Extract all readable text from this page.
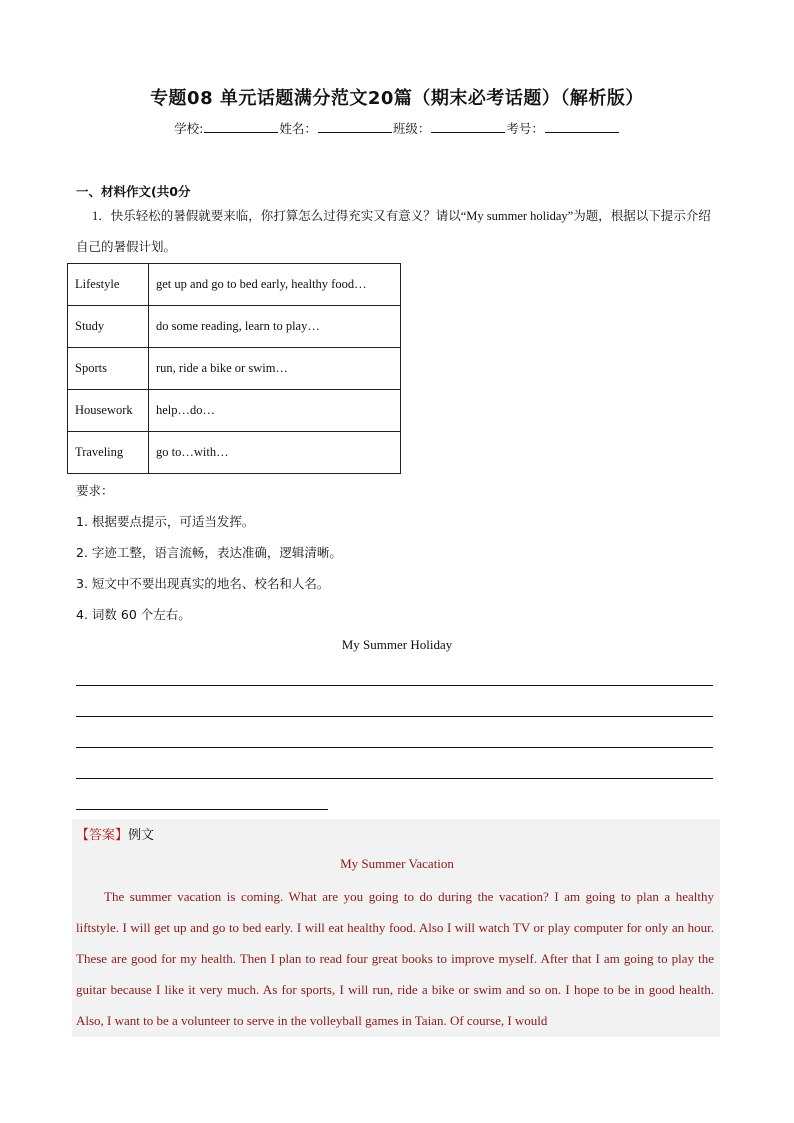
专题08 单元话题满分范文20篇（期末必考话题）（解析版）
学校:	姓名：	班级：	考号：
一、材料作文(共0分
1．快乐轻松的暑假就要来临，你打算怎么过得充实又有意义？请以“My summer holiday”为题，根据以下提示介绍自己的暑假计划。
Lifestyle	get up and go to bed early, healthy food…
Study	do some reading, learn to play…
Sports	run, ride a bike or swim…
Housework	help…do…
Traveling	go to…with…
要求：
1. 根据要点提示，可适当发挥。
2. 字迹工整，语言流畅，表达准确，逻辑清晰。
3. 短文中不要出现真实的地名、校名和人名。
4. 词数 60 个左右。
My Summer Holiday
【答案】例文
My Summer Vacation
The summer vacation is coming. What are you going to do during the vacation? I am going to plan a healthy liftstyle. I will get up and go to bed early. I will eat healthy food. Also I will watch TV or play computer for only an hour. These are good for my health. Then I plan to read four great books to improve myself. After that I am going to play the guitar because I like it very much. As for sports, I will run, ride a bike or swim and so on. I hope to be in good health. Also, I want to be a volunteer to serve in the volleyball games in Taian. Of course, I would
